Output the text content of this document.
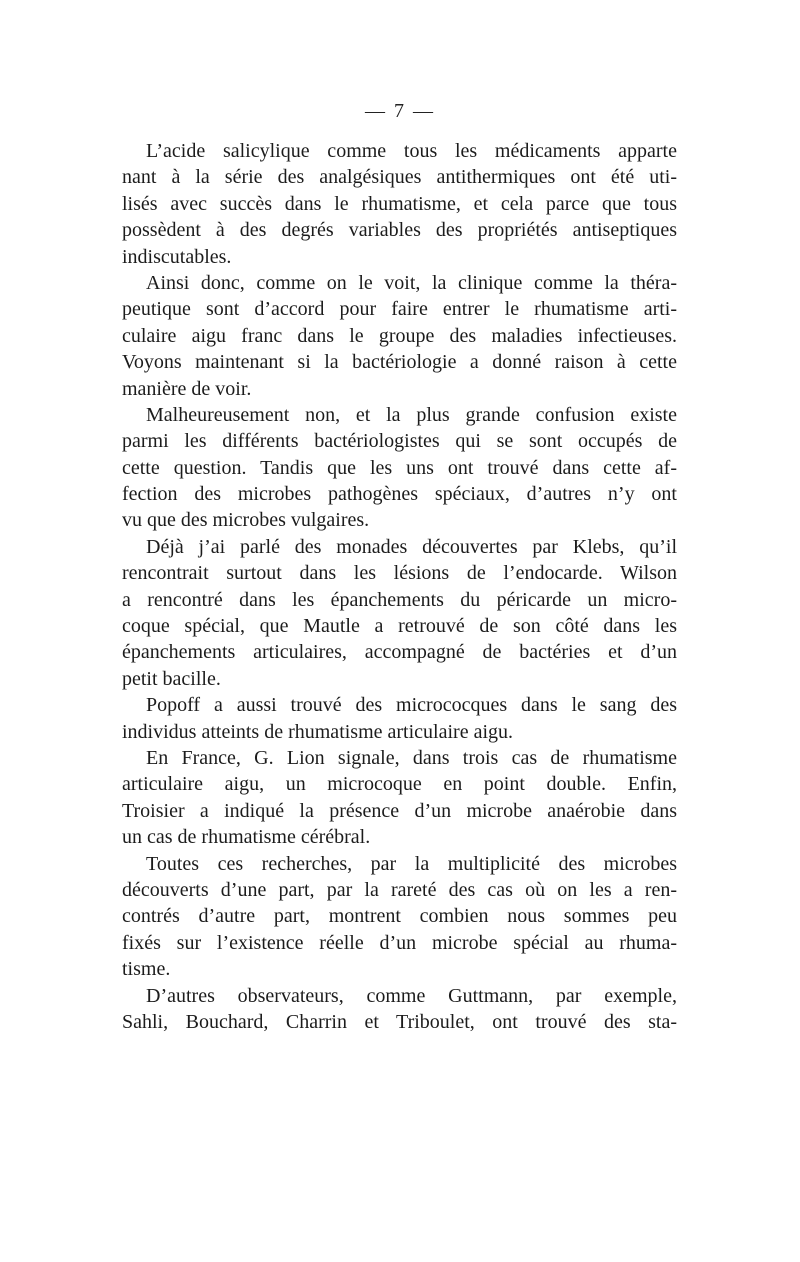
— 7 —
L’acide salicylique comme tous les médicaments apparte
nant à la série des analgésiques antithermiques ont été uti-
lisés avec succès dans le rhumatisme, et cela parce que tous
possèdent à des degrés variables des propriétés antiseptiques
indiscutables.
Ainsi donc, comme on le voit, la clinique comme la théra-
peutique sont d’accord pour faire entrer le rhumatisme arti-
culaire aigu franc dans le groupe des maladies infectieuses.
Voyons maintenant si la bactériologie a donné raison à cette
manière de voir.
Malheureusement non, et la plus grande confusion existe
parmi les différents bactériologistes qui se sont occupés de
cette question. Tandis que les uns ont trouvé dans cette af-
fection des microbes pathogènes spéciaux, d’autres n’y ont
vu que des microbes vulgaires.
Déjà j’ai parlé des monades découvertes par Klebs, qu’il
rencontrait surtout dans les lésions de l’endocarde. Wilson
a rencontré dans les épanchements du péricarde un micro-
coque spécial, que Mautle a retrouvé de son côté dans les
épanchements articulaires, accompagné de bactéries et d’un
petit bacille.
Popoff a aussi trouvé des micrococques dans le sang des
individus atteints de rhumatisme articulaire aigu.
En France, G. Lion signale, dans trois cas de rhumatisme
articulaire aigu, un microcoque en point double. Enfin,
Troisier a indiqué la présence d’un microbe anaérobie dans
un cas de rhumatisme cérébral.
Toutes ces recherches, par la multiplicité des microbes
découverts d’une part, par la rareté des cas où on les a ren-
contrés d’autre part, montrent combien nous sommes peu
fixés sur l’existence réelle d’un microbe spécial au rhuma-
tisme.
D’autres observateurs, comme Guttmann, par exemple,
Sahli, Bouchard, Charrin et Triboulet, ont trouvé des sta-
